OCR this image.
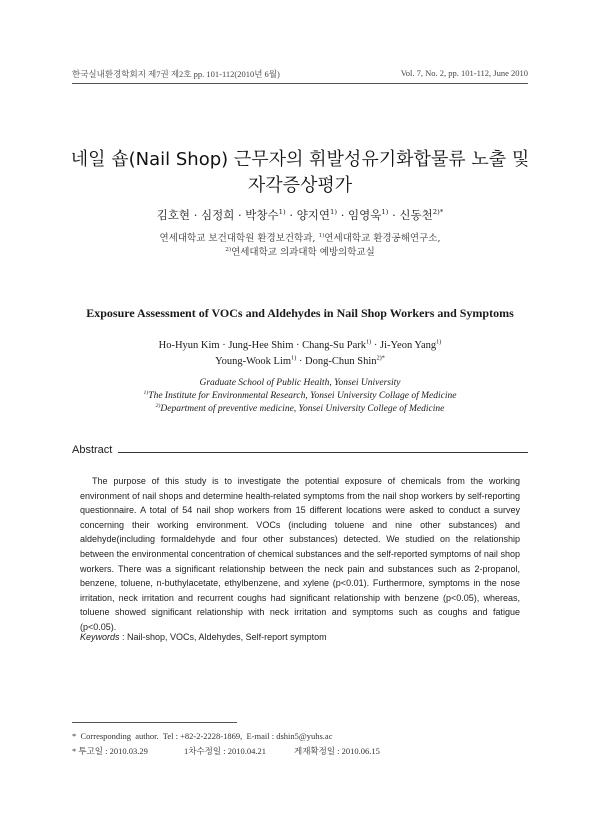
한국실내환경학회지 제7권 제2호 pp. 101-112(2010년 6월)	Vol. 7, No. 2, pp. 101-112, June 2010
네일 숍(Nail Shop) 근무자의 휘발성유기화합물류 노출 및
자각증상평가
김호현 · 심정희 · 박창수$^{1)}$ · 양지연$^{1)}$ · 임영욱$^{1)}$ · 신동천$^{2)*}$
연세대학교 보건대학원 환경보건학과, $^{1)}$연세대학교 환경공해연구소,
$^{2)}$연세대학교 의과대학 예방의학교실
Exposure Assessment of VOCs and Aldehydes in Nail Shop Workers and Symptoms
Ho-Hyun Kim · Jung-Hee Shim · Chang-Su Park$^{1)}$ · Ji-Yeon Yang$^{1)}$
Young-Wook Lim$^{1)}$ · Dong-Chun Shin$^{2)*}$
Graduate School of Public Health, Yonsei University
$^{1)}$The Institute for Environmental Research, Yonsei University Collage of Medicine
$^{2)}$Department of preventive medicine, Yonsei University College of Medicine
Abstract
The purpose of this study is to investigate the potential exposure of chemicals from the working environment of nail shops and determine health-related symptoms from the nail shop workers by self-reporting questionnaire. A total of 54 nail shop workers from 15 different locations were asked to conduct a survey concerning their working environment. VOCs (including toluene and nine other substances) and aldehyde(including formaldehyde and four other substances) detected. We studied on the relationship between the environmental concentration of chemical substances and the self-reported symptoms of nail shop workers. There was a significant relationship between the neck pain and substances such as 2-propanol, benzene, toluene, n-buthylacetate, ethylbenzene, and xylene (p<0.01). Furthermore, symptoms in the nose irritation, neck irritation and recurrent coughs had significant relationship with benzene (p<0.05), whereas, toluene showed significant relationship with neck irritation and symptoms such as coughs and fatigue (p<0.05).
Keywords : Nail-shop, VOCs, Aldehydes, Self-report symptom
*  Corresponding  author.  Tel : +82-2-2228-1869,  E-mail : dshin5@yuhs.ac
* 투고일 : 2010.03.29	1차수정일 : 2010.04.21	게재확정일 : 2010.06.15
